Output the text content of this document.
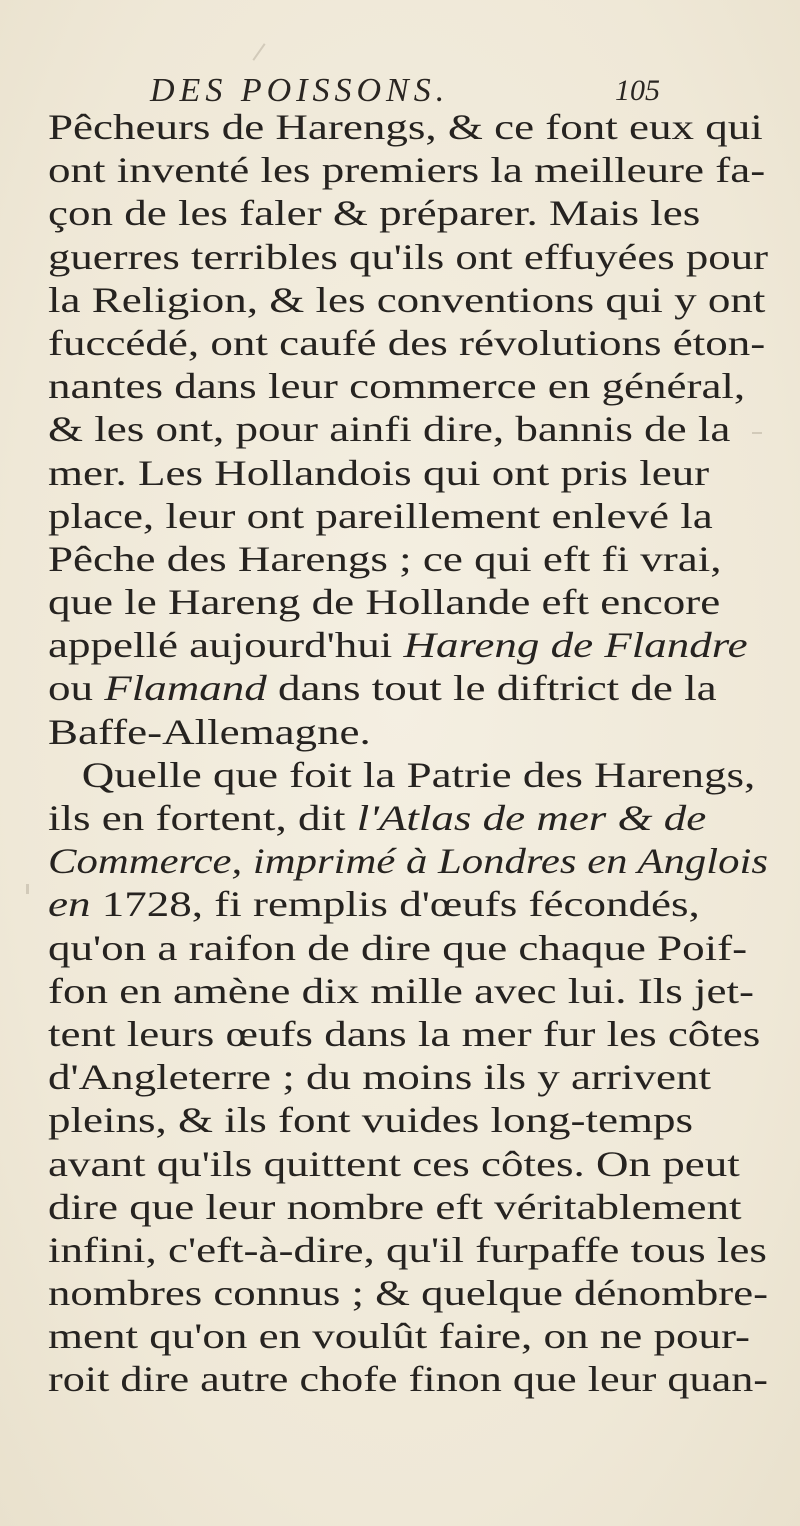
DES POISSONS.	105
Pêcheurs de Harengs, & ce font eux qui
ont inventé les premiers la meilleure fa-
çon de les faler & préparer. Mais les
guerres terribles qu'ils ont effuyées pour
la Religion, & les conventions qui y ont
fuccédé, ont caufé des révolutions éton-
nantes dans leur commerce en général,
& les ont, pour ainfi dire, bannis de la
mer. Les Hollandois qui ont pris leur
place, leur ont pareillement enlevé la
Pêche des Harengs ; ce qui eft fi vrai,
que le Hareng de Hollande eft encore
appellé aujourd'hui Hareng de Flandre
ou Flamand dans tout le diftrict de la
Baffe-Allemagne.
Quelle que foit la Patrie des Harengs,
ils en fortent, dit l'Atlas de mer & de
Commerce, imprimé à Londres en Anglois
en 1728, fi remplis d'œufs fécondés,
qu'on a raifon de dire que chaque Poif-
fon en amène dix mille avec lui. Ils jet-
tent leurs œufs dans la mer fur les côtes
d'Angleterre ; du moins ils y arrivent
pleins, & ils font vuides long-temps
avant qu'ils quittent ces côtes. On peut
dire que leur nombre eft véritablement
infini, c'eft-à-dire, qu'il furpaffe tous les
nombres connus ; & quelque dénombre-
ment qu'on en voulût faire, on ne pour-
roit dire autre chofe finon que leur quan-
